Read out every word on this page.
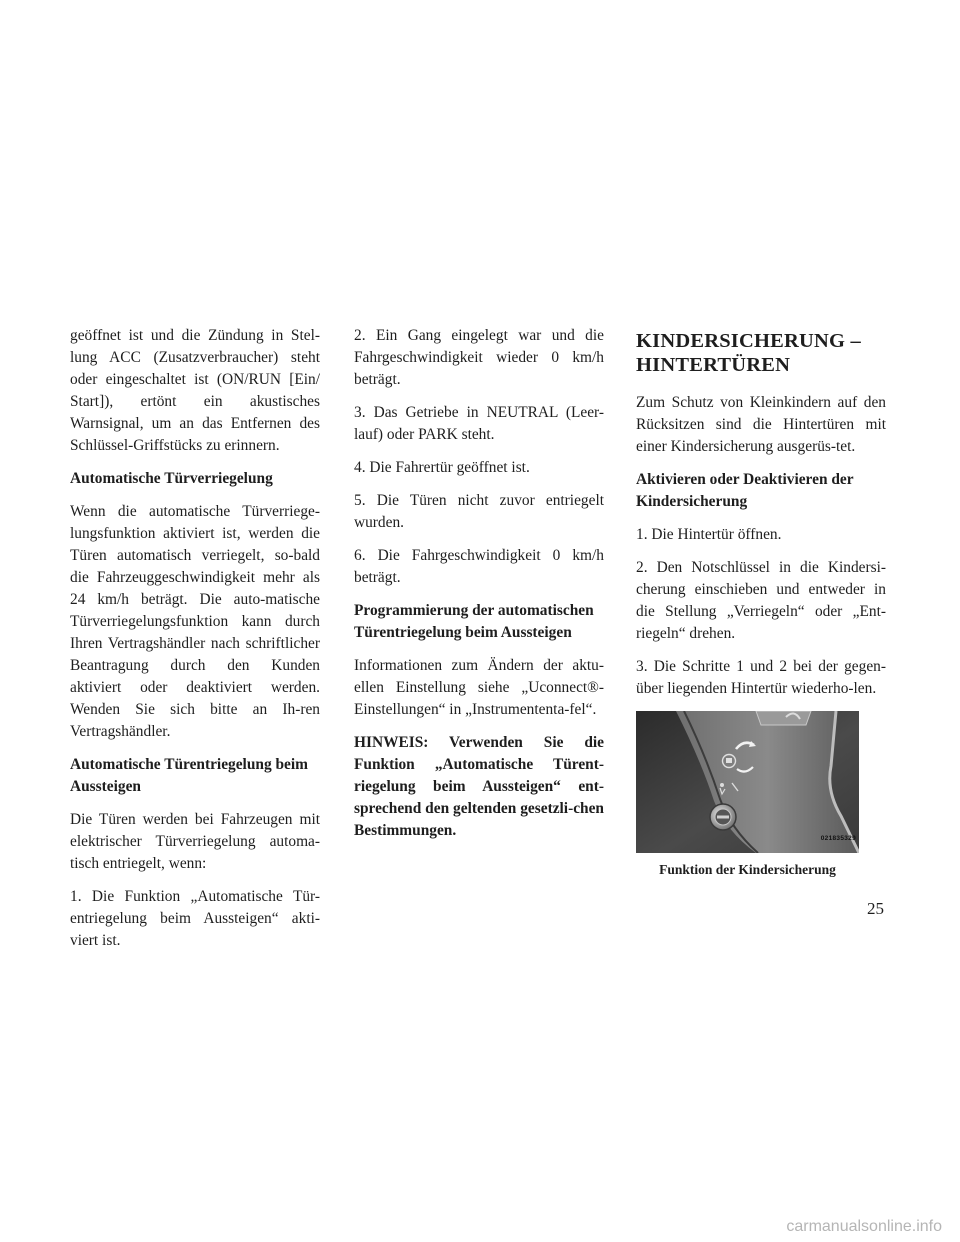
geöffnet ist und die Zündung in Stel-lung ACC (Zusatzverbraucher) steht oder eingeschaltet ist (ON/RUN [Ein/ Start]), ertönt ein akustisches Warnsignal, um an das Entfernen des Schlüssel-Griffstücks zu erinnern.

Automatische Türverriegelung

Wenn die automatische Türverriege-lungsfunktion aktiviert ist, werden die Türen automatisch verriegelt, so-bald die Fahrzeuggeschwindigkeit mehr als 24 km/h beträgt. Die auto-matische Türverriegelungsfunktion kann durch Ihren Vertragshändler nach schriftlicher Beantragung durch den Kunden aktiviert oder deaktiviert werden. Wenden Sie sich bitte an Ih-ren Vertragshändler.

Automatische Türentriegelung beim Aussteigen

Die Türen werden bei Fahrzeugen mit elektrischer Türverriegelung automa-tisch entriegelt, wenn:

1. Die Funktion „Automatische Tür-entriegelung beim Aussteigen“ akti-viert ist.

2. Ein Gang eingelegt war und die Fahrgeschwindigkeit wieder 0 km/h beträgt.

3. Das Getriebe in NEUTRAL (Leer-lauf) oder PARK steht.

4. Die Fahrertür geöffnet ist.

5. Die Türen nicht zuvor entriegelt wurden.

6. Die Fahrgeschwindigkeit 0 km/h beträgt.

Programmierung der automatischen Türentriegelung beim Aussteigen

Informationen zum Ändern der aktu-ellen Einstellung siehe „Uconnect®-Einstellungen“ in „Instrumententa-fel“.

HINWEIS: Verwenden Sie die Funktion „Automatische Türent-riegelung beim Aussteigen“ ent-sprechend den geltenden gesetzli-chen Bestimmungen.

KINDERSICHERUNG –
HINTERTÜREN

Zum Schutz von Kleinkindern auf den Rücksitzen sind die Hintertüren mit einer Kindersicherung ausgerüs-tet.

Aktivieren oder Deaktivieren der Kindersicherung

1. Die Hintertür öffnen.

2. Den Notschlüssel in die Kindersi-cherung einschieben und entweder in die Stellung „Verriegeln“ oder „Ent-riegeln“ drehen.

3. Die Schritte 1 und 2 bei der gegen-über liegenden Hintertür wiederho-len.

021835329
Funktion der Kindersicherung
25
carmanualsonline.info
